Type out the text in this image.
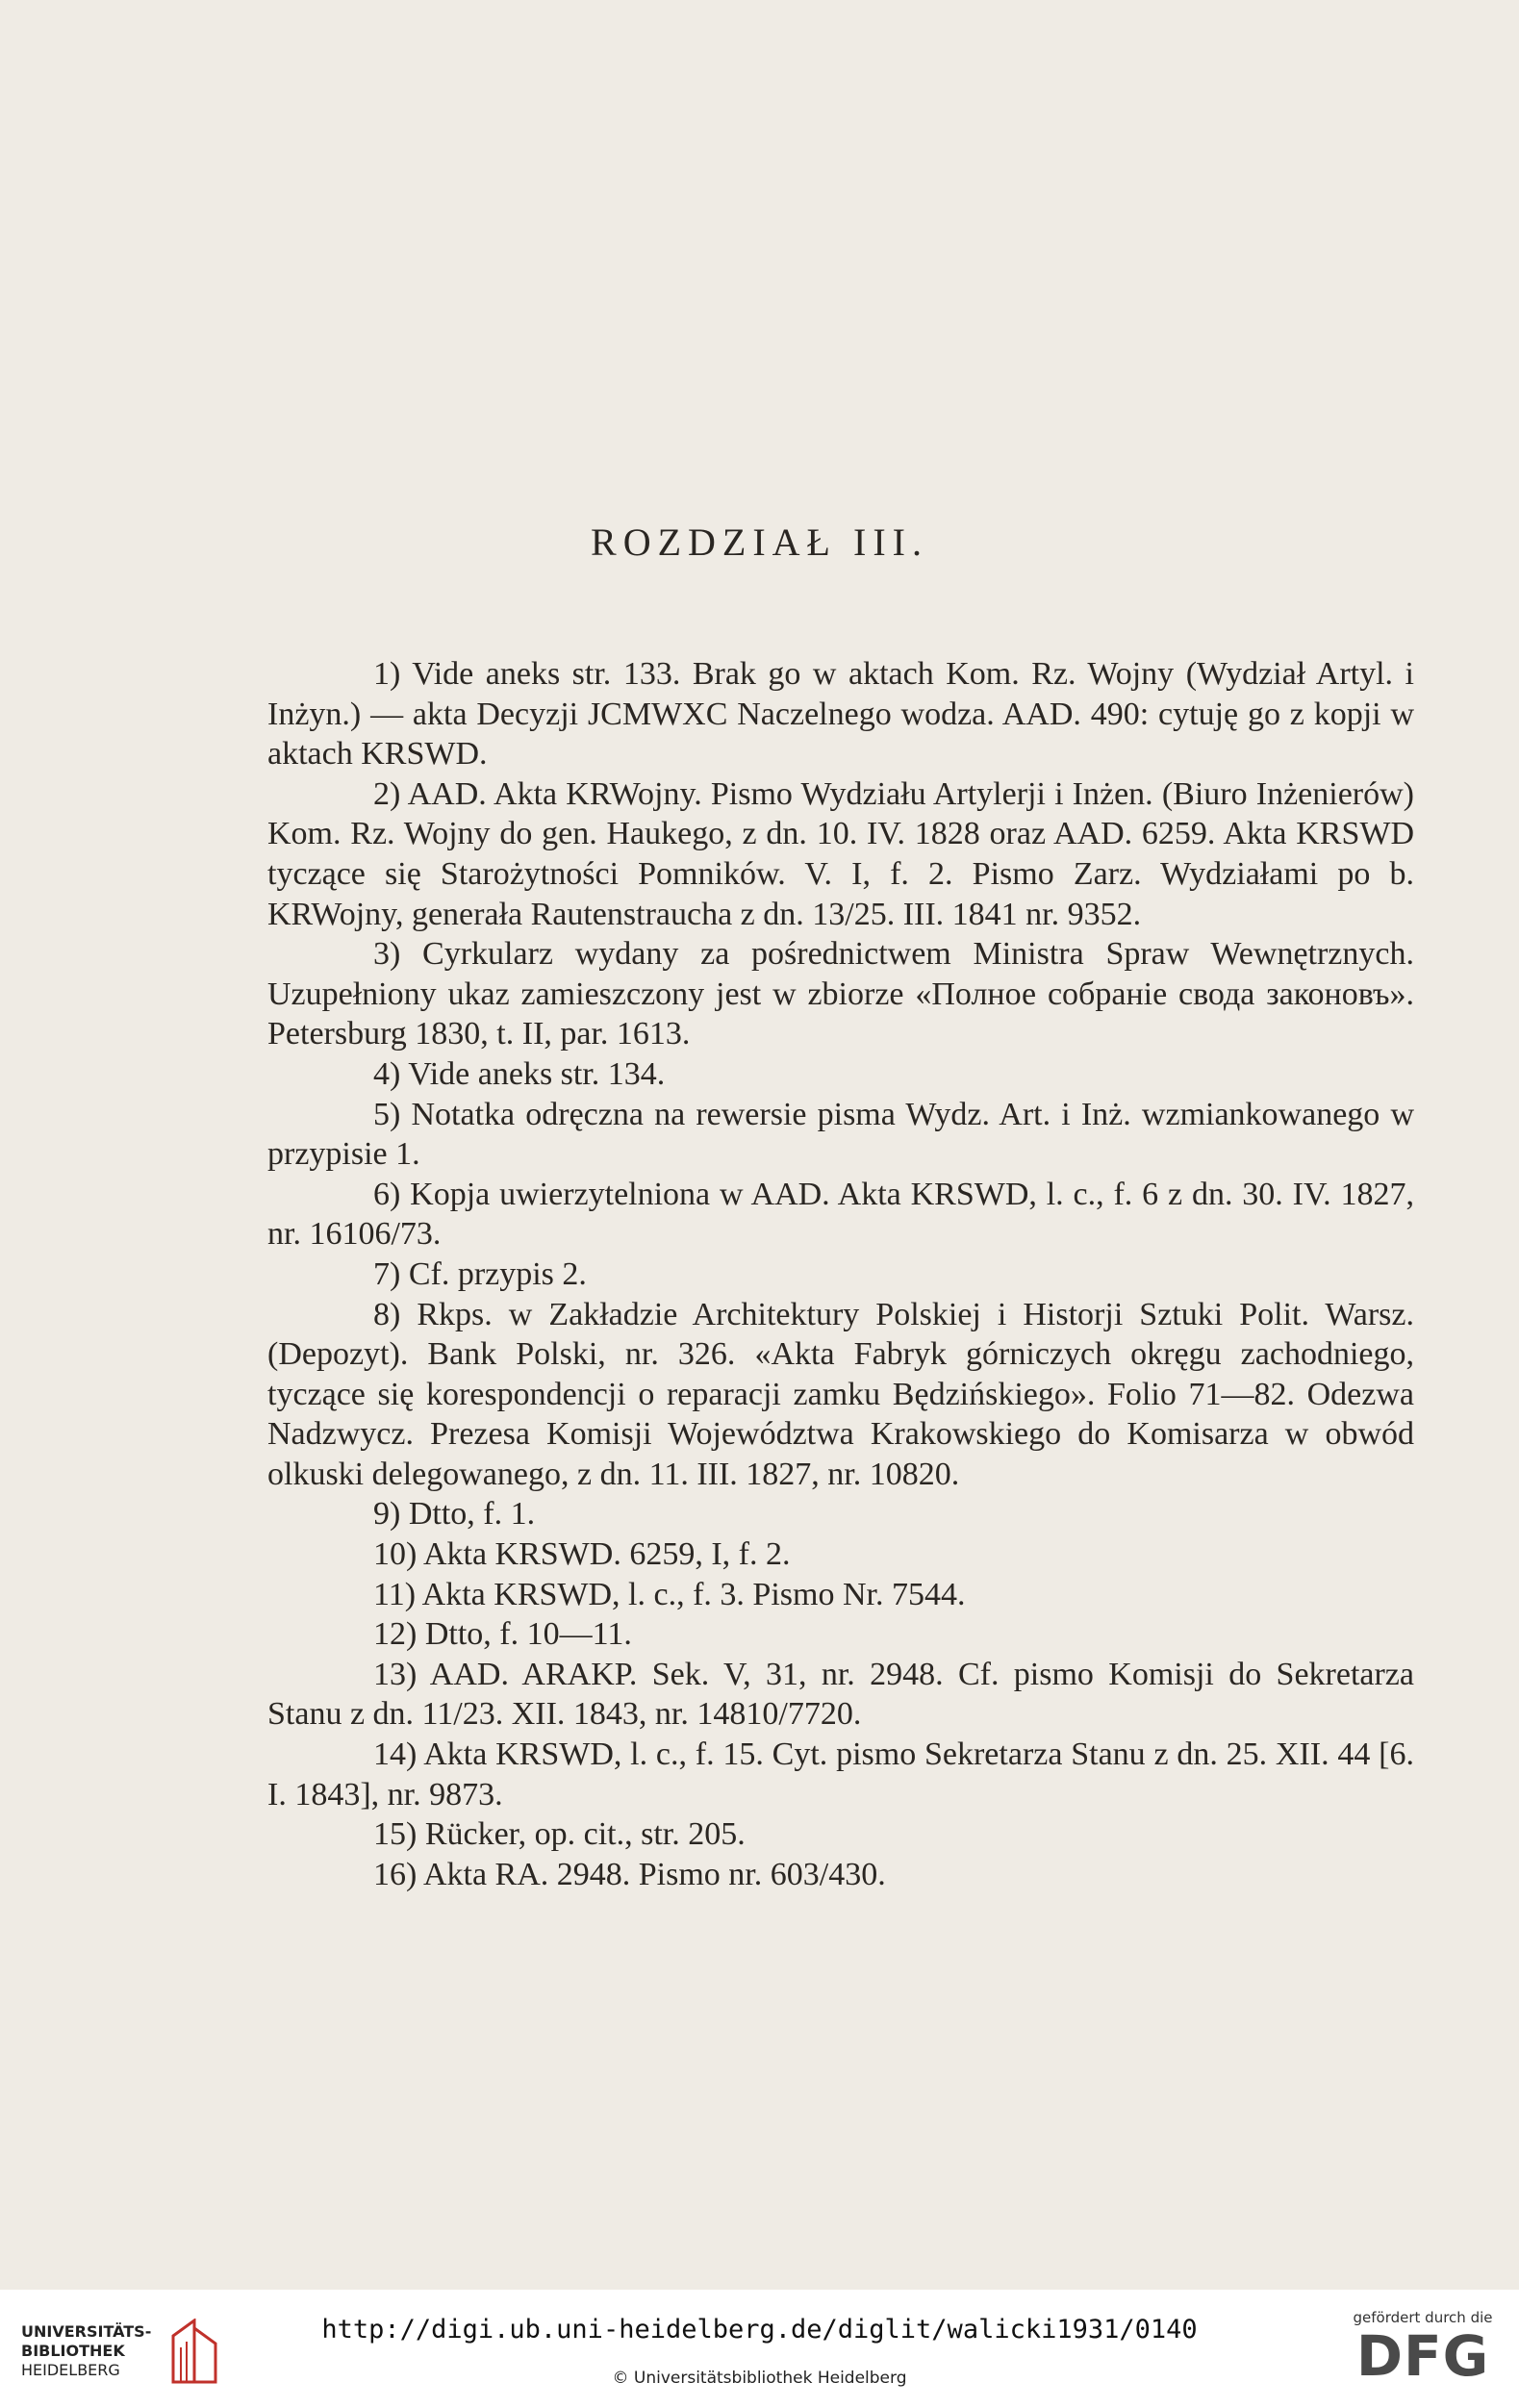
ROZDZIAŁ III.

1) Vide aneks str. 133. Brak go w aktach Kom. Rz. Wojny (Wydział Artyl. i Inżyn.) — akta Decyzji JCMWXC Naczelnego wodza. AAD. 490: cytuję go z kopji w aktach KRSWD.

2) AAD. Akta KRWojny. Pismo Wydziału Artylerji i Inżen. (Biuro Inżenierów) Kom. Rz. Wojny do gen. Haukego, z dn. 10. IV. 1828 oraz AAD. 6259. Akta KRSWD tyczące się Starożytności Pomników. V. I, f. 2. Pismo Zarz. Wydziałami po b. KRWojny, generała Rautenstraucha z dn. 13/25. III. 1841 nr. 9352.

3) Cyrkularz wydany za pośrednictwem Ministra Spraw Wewnętrznych. Uzupełniony ukaz zamieszczony jest w zbiorze «Полное собранiе свода законовъ». Petersburg 1830, t. II, par. 1613.

4) Vide aneks str. 134.

5) Notatka odręczna na rewersie pisma Wydz. Art. i Inż. wzmiankowanego w przypisie 1.

6) Kopja uwierzytelniona w AAD. Akta KRSWD, l. c., f. 6 z dn. 30. IV. 1827, nr. 16106/73.

7) Cf. przypis 2.

8) Rkps. w Zakładzie Architektury Polskiej i Historji Sztuki Polit. Warsz. (Depozyt). Bank Polski, nr. 326. «Akta Fabryk górniczych okręgu zachodniego, tyczące się korespondencji o reparacji zamku Będzińskiego». Folio 71—82. Odezwa Nadzwycz. Prezesa Komisji Województwa Krakowskiego do Komisarza w obwód olkuski delegowanego, z dn. 11. III. 1827, nr. 10820.

9) Dtto, f. 1.

10) Akta KRSWD. 6259, I, f. 2.

11) Akta KRSWD, l. c., f. 3. Pismo Nr. 7544.

12) Dtto, f. 10—11.

13) AAD. ARAKP. Sek. V, 31, nr. 2948. Cf. pismo Komisji do Sekretarza Stanu z dn. 11/23. XII. 1843, nr. 14810/7720.

14) Akta KRSWD, l. c., f. 15. Cyt. pismo Sekretarza Stanu z dn. 25. XII. 44 [6. I. 1843], nr. 9873.

15) Rücker, op. cit., str. 205.

16) Akta RA. 2948. Pismo nr. 603/430.

UNIVERSITÄTS-
BIBLIOTHEK
HEIDELBERG
http://digi.ub.uni-heidelberg.de/diglit/walicki1931/0140
© Universitätsbibliothek Heidelberg
gefördert durch die
DFG
